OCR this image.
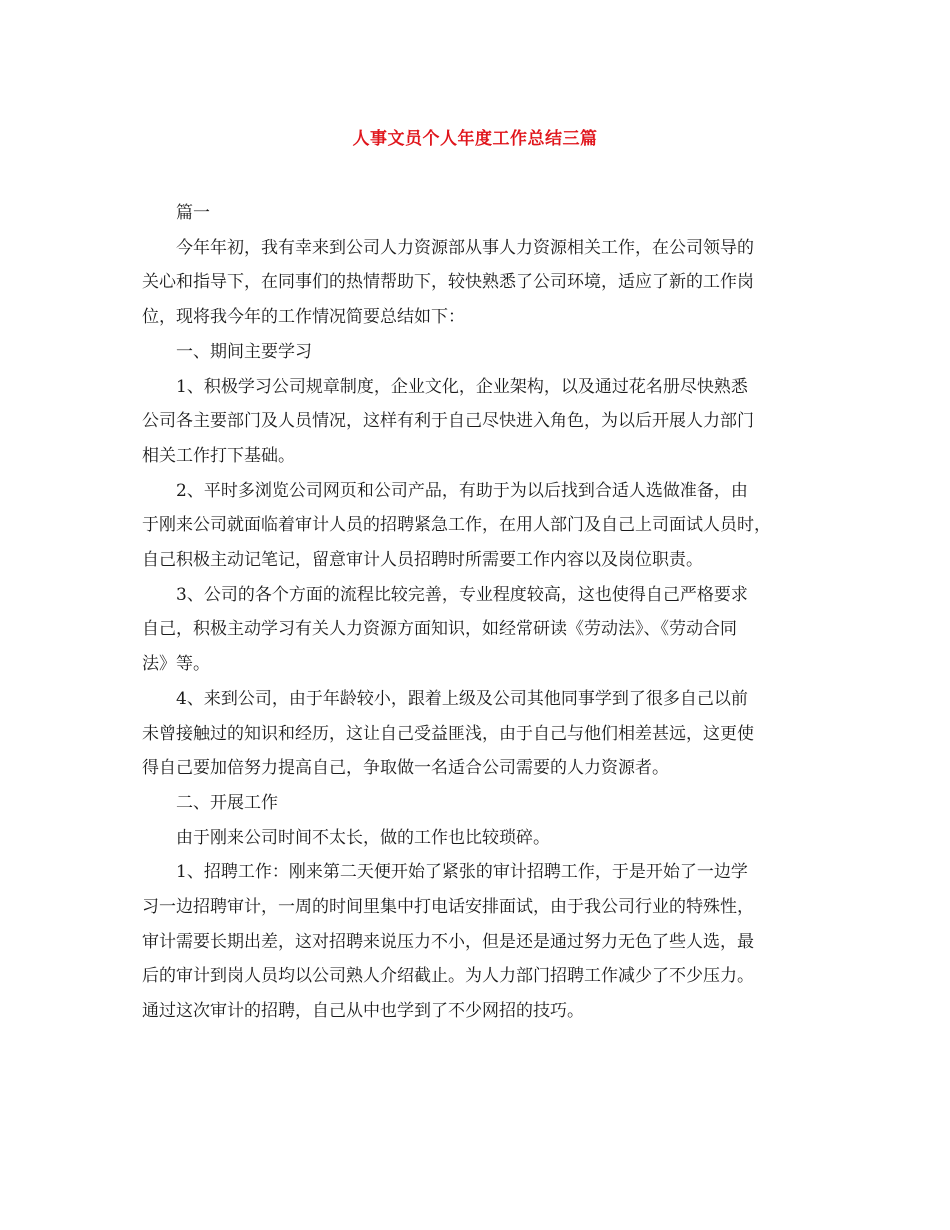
人事文员个人年度工作总结三篇

篇一

今年年初，我有幸来到公司人力资源部从事人力资源相关工作，在公司领导的
关心和指导下，在同事们的热情帮助下，较快熟悉了公司环境，适应了新的工作岗
位，现将我今年的工作情况简要总结如下：

一、期间主要学习

1、积极学习公司规章制度，企业文化，企业架构，以及通过花名册尽快熟悉
公司各主要部门及人员情况，这样有利于自己尽快进入角色，为以后开展人力部门
相关工作打下基础。

2、平时多浏览公司网页和公司产品，有助于为以后找到合适人选做准备，由
于刚来公司就面临着审计人员的招聘紧急工作，在用人部门及自己上司面试人员时，
自己积极主动记笔记，留意审计人员招聘时所需要工作内容以及岗位职责。

3、公司的各个方面的流程比较完善，专业程度较高，这也使得自己严格要求
自己，积极主动学习有关人力资源方面知识，如经常研读《劳动法》、《劳动合同
法》等。

4、来到公司，由于年龄较小，跟着上级及公司其他同事学到了很多自己以前
未曾接触过的知识和经历，这让自己受益匪浅，由于自己与他们相差甚远，这更使
得自己要加倍努力提高自己，争取做一名适合公司需要的人力资源者。

二、开展工作

由于刚来公司时间不太长，做的工作也比较琐碎。

1、招聘工作：刚来第二天便开始了紧张的审计招聘工作，于是开始了一边学
习一边招聘审计，一周的时间里集中打电话安排面试，由于我公司行业的特殊性，
审计需要长期出差，这对招聘来说压力不小，但是还是通过努力无色了些人选，最
后的审计到岗人员均以公司熟人介绍截止。为人力部门招聘工作减少了不少压力。
通过这次审计的招聘，自己从中也学到了不少网招的技巧。
